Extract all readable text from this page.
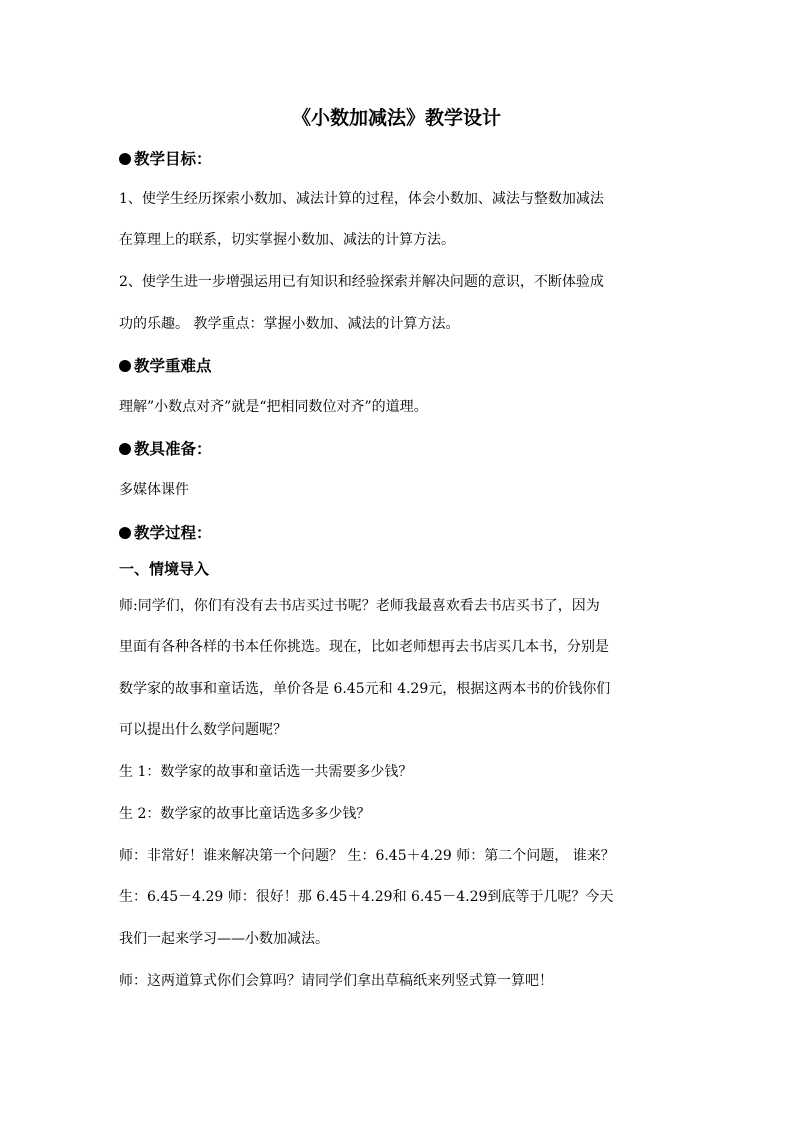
《小数加减法》教学设计
教学目标：
1、使学生经历探索小数加、减法计算的过程，体会小数加、减法与整数加减法
在算理上的联系，切实掌握小数加、减法的计算方法。
2、使学生进一步增强运用已有知识和经验探索并解决问题的意识，不断体验成
功的乐趣。 教学重点：掌握小数加、减法的计算方法。
教学重难点
理解”小数点对齐”就是“把相同数位对齐”的道理。
教具准备：
多媒体课件
教学过程：
一、情境导入
师:同学们，你们有没有去书店买过书呢？老师我最喜欢看去书店买书了，因为
里面有各种各样的书本任你挑选。现在，比如老师想再去书店买几本书，分别是
数学家的故事和童话选，单价各是 6.45元和 4.29元，根据这两本书的价钱你们
可以提出什么数学问题呢？
生 1：数学家的故事和童话选一共需要多少钱？
生 2：数学家的故事比童话选多多少钱？
师：非常好！谁来解决第一个问题？ 生：6.45＋4.29 师：第二个问题， 谁来？
生：6.45－4.29 师：很好！那 6.45＋4.29和 6.45－4.29到底等于几呢？今天
我们一起来学习——小数加减法。
师：这两道算式你们会算吗？请同学们拿出草稿纸来列竖式算一算吧！
